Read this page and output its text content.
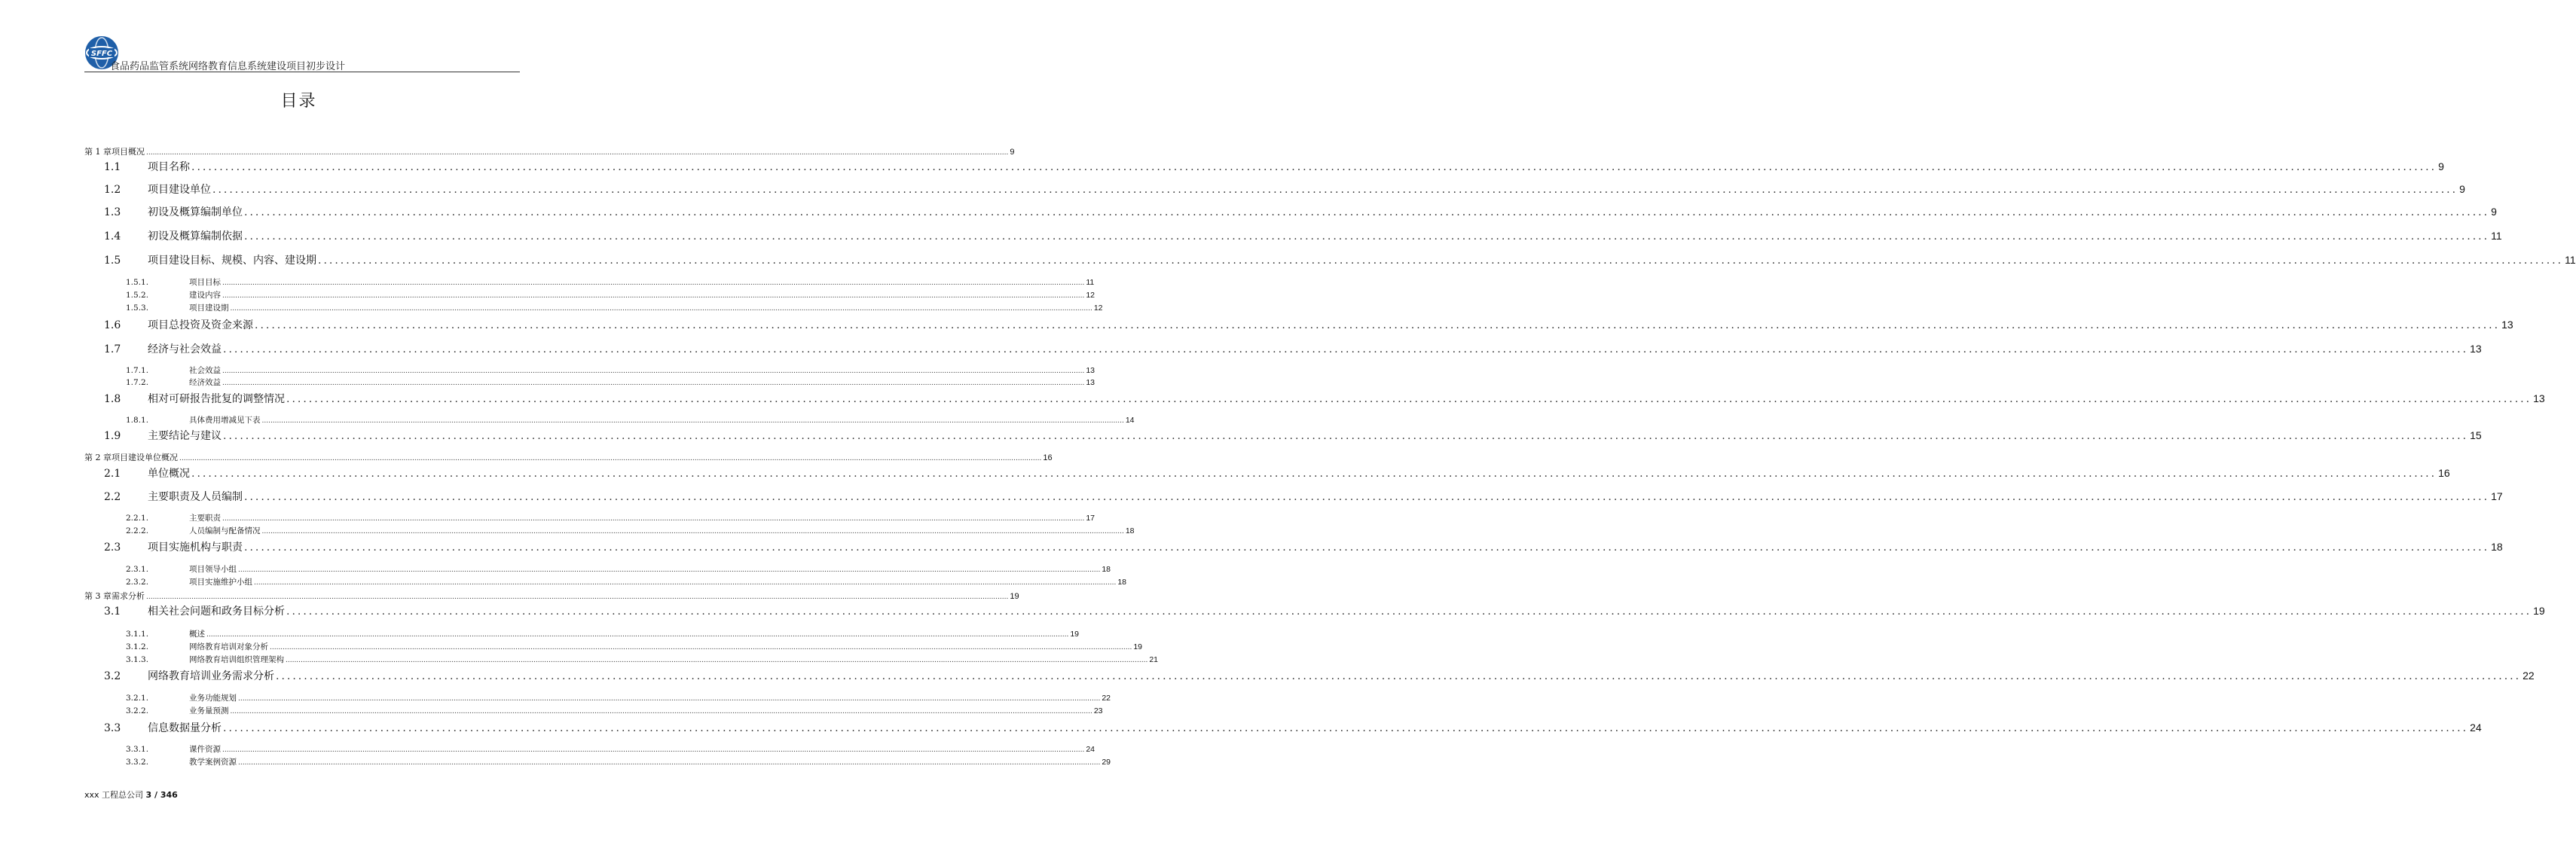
SFFC
食品药品监管系统网络教育信息系统建设项目初步设计
目录
第 1 章 项目概况 ................................................................................................................................................................................................................................................................................................................................................................................................................ 9
1.1	项目名称 ................................................................................................................................................................................................................................................................................................................................................................................................................ 9
1.2	项目建设单位 ................................................................................................................................................................................................................................................................................................................................................................................................................ 9
1.3	初设及概算编制单位 ................................................................................................................................................................................................................................................................................................................................................................................................................ 9
1.4	初设及概算编制依据 ................................................................................................................................................................................................................................................................................................................................................................................................................ 11
1.5	项目建设目标、规模、内容、建设期 ................................................................................................................................................................................................................................................................................................................................................................................................................ 11
1.5.1.	项目目标 ................................................................................................................................................................................................................................................................................................................................................................................................................ 11
1.5.2.	建设内容 ................................................................................................................................................................................................................................................................................................................................................................................................................ 12
1.5.3.	项目建设期 ................................................................................................................................................................................................................................................................................................................................................................................................................ 12
1.6	项目总投资及资金来源 ................................................................................................................................................................................................................................................................................................................................................................................................................ 13
1.7	经济与社会效益 ................................................................................................................................................................................................................................................................................................................................................................................................................ 13
1.7.1.	社会效益 ................................................................................................................................................................................................................................................................................................................................................................................................................ 13
1.7.2.	经济效益 ................................................................................................................................................................................................................................................................................................................................................................................................................ 13
1.8	相对可研报告批复的调整情况 ................................................................................................................................................................................................................................................................................................................................................................................................................ 13
1.8.1.	具体费用增减见下表 ................................................................................................................................................................................................................................................................................................................................................................................................................ 14
1.9	主要结论与建议 ................................................................................................................................................................................................................................................................................................................................................................................................................ 15
第 2 章 项目建设单位概况 ................................................................................................................................................................................................................................................................................................................................................................................................................ 16
2.1	单位概况 ................................................................................................................................................................................................................................................................................................................................................................................................................ 16
2.2	主要职责及人员编制 ................................................................................................................................................................................................................................................................................................................................................................................................................ 17
2.2.1.	主要职责 ................................................................................................................................................................................................................................................................................................................................................................................................................ 17
2.2.2.	人员编制与配备情况 ................................................................................................................................................................................................................................................................................................................................................................................................................ 18
2.3	项目实施机构与职责 ................................................................................................................................................................................................................................................................................................................................................................................................................ 18
2.3.1.	项目领导小组 ................................................................................................................................................................................................................................................................................................................................................................................................................ 18
2.3.2.	项目实施维护小组 ................................................................................................................................................................................................................................................................................................................................................................................................................ 18
第 3 章 需求分析 ................................................................................................................................................................................................................................................................................................................................................................................................................ 19
3.1	相关社会问题和政务目标分析 ................................................................................................................................................................................................................................................................................................................................................................................................................ 19
3.1.1.	概述 ................................................................................................................................................................................................................................................................................................................................................................................................................ 19
3.1.2.	网络教育培训对象分析 ................................................................................................................................................................................................................................................................................................................................................................................................................ 19
3.1.3.	网络教育培训组织管理架构 ................................................................................................................................................................................................................................................................................................................................................................................................................ 21
3.2	网络教育培训业务需求分析 ................................................................................................................................................................................................................................................................................................................................................................................................................ 22
3.2.1.	业务功能规划 ................................................................................................................................................................................................................................................................................................................................................................................................................ 22
3.2.2.	业务量预测 ................................................................................................................................................................................................................................................................................................................................................................................................................ 23
3.3	信息数据量分析 ................................................................................................................................................................................................................................................................................................................................................................................................................ 24
3.3.1.	课件资源 ................................................................................................................................................................................................................................................................................................................................................................................................................ 24
3.3.2.	教学案例资源 ................................................................................................................................................................................................................................................................................................................................................................................................................ 29
xxx 工程总公司 3 / 346
